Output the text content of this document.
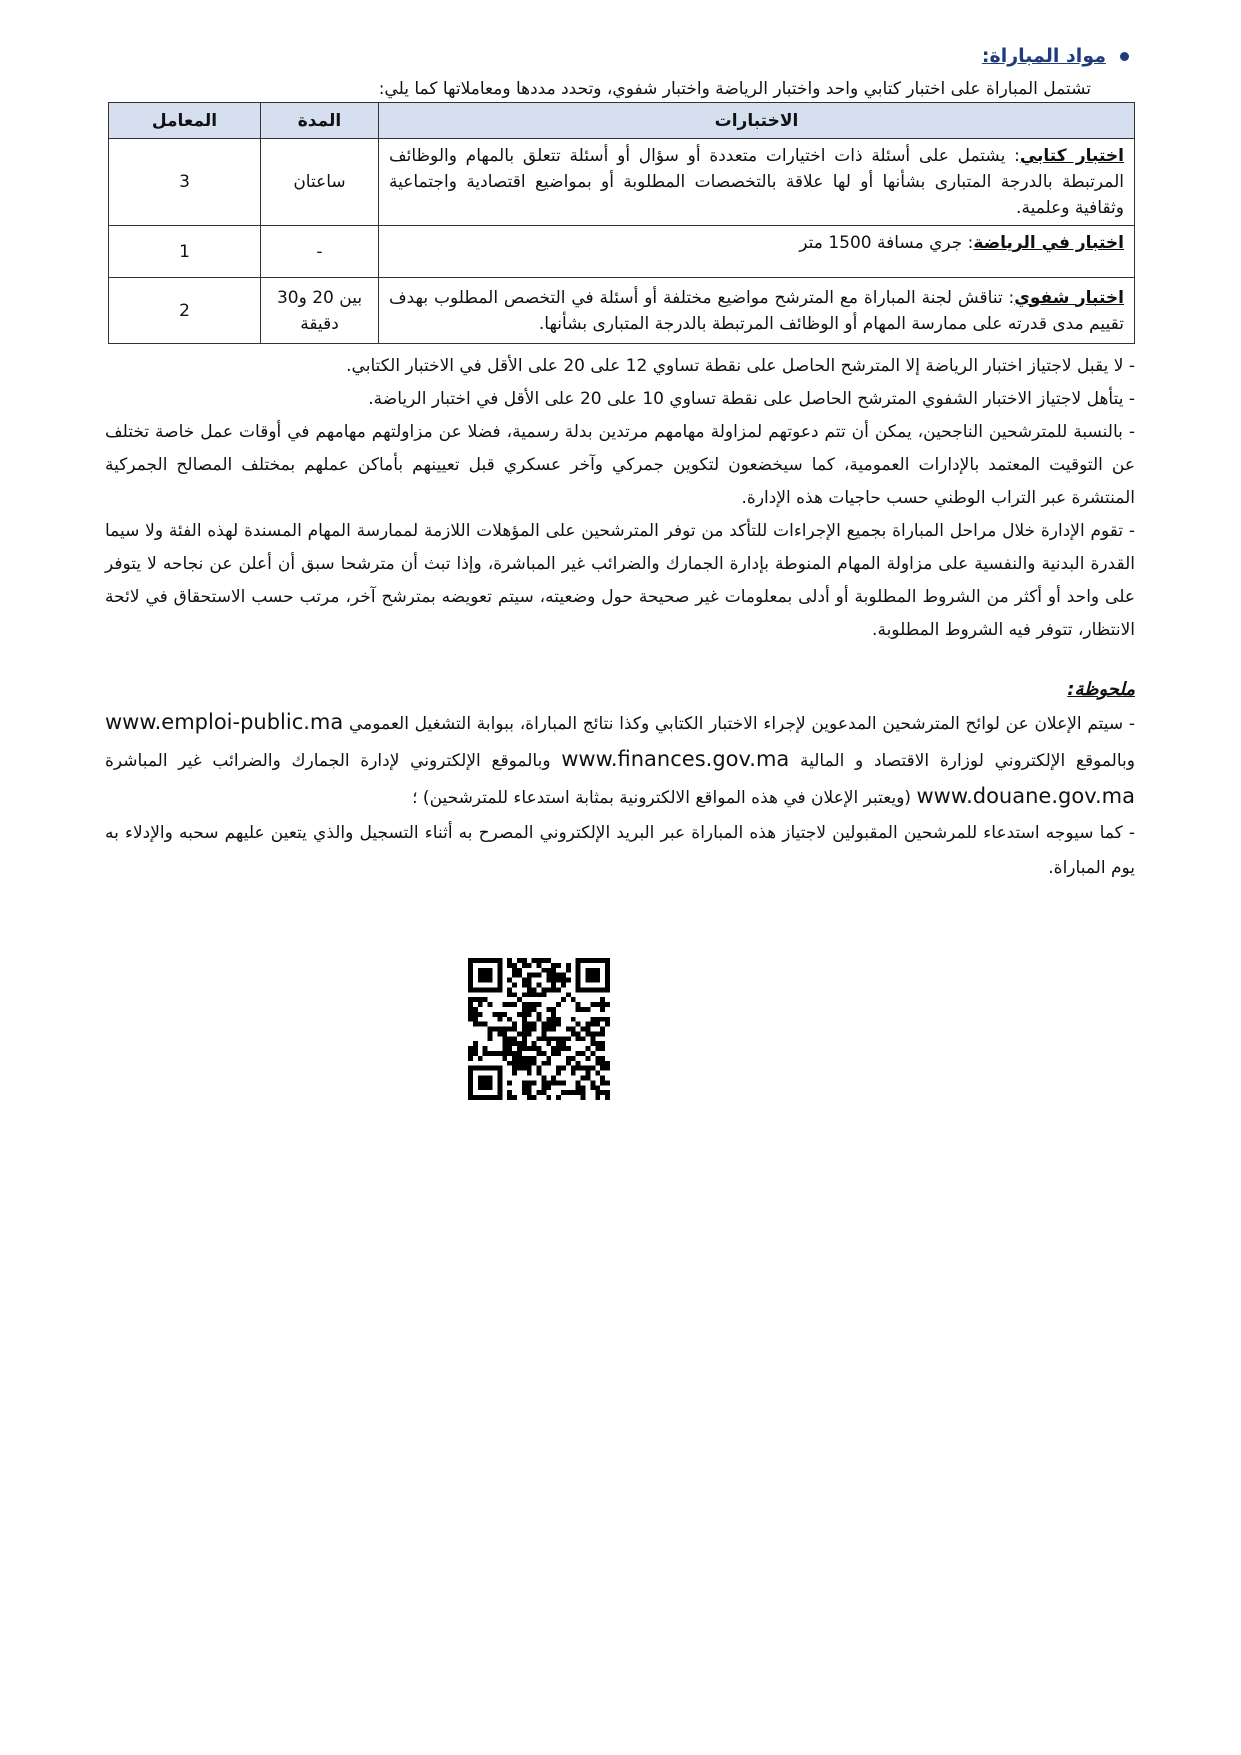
مواد المباراة:
تشتمل المباراة على اختبار كتابي واحد واختبار الرياضة واختبار شفوي، وتحدد مددها ومعاملاتها كما يلي:
الاختبارات	المدة	المعامل
اختبار كتابي: يشتمل على أسئلة ذات اختيارات متعددة أو سؤال أو أسئلة تتعلق بالمهام والوظائف المرتبطة بالدرجة المتبارى بشأنها أو لها علاقة بالتخصصات المطلوبة أو بمواضيع اقتصادية واجتماعية وثقافية وعلمية.	ساعتان	3
اختبار في الرياضة: جري مسافة 1500 متر	-	1
اختبار شفوي: تناقش لجنة المباراة مع المترشح مواضيع مختلفة أو أسئلة في التخصص المطلوب بهدف تقييم مدى قدرته على ممارسة المهام أو الوظائف المرتبطة بالدرجة المتبارى بشأنها.	بين 20 و30 دقيقة	2

- لا يقبل لاجتياز اختبار الرياضة إلا المترشح الحاصل على نقطة تساوي 12 على 20 على الأقل في الاختبار الكتابي.

- يتأهل لاجتياز الاختبار الشفوي المترشح الحاصل على نقطة تساوي 10 على 20 على الأقل في اختبار الرياضة.

- بالنسبة للمترشحين الناجحين، يمكن أن تتم دعوتهم لمزاولة مهامهم مرتدين بدلة رسمية، فضلا عن مزاولتهم مهامهم في أوقات عمل خاصة تختلف عن التوقيت المعتمد بالإدارات العمومية، كما سيخضعون لتكوين جمركي وآخر عسكري قبل تعيينهم بأماكن عملهم بمختلف المصالح الجمركية المنتشرة عبر التراب الوطني حسب حاجيات هذه الإدارة.

- تقوم الإدارة خلال مراحل المباراة بجميع الإجراءات للتأكد من توفر المترشحين على المؤهلات اللازمة لممارسة المهام المسندة لهذه الفئة ولا سيما القدرة البدنية والنفسية على مزاولة المهام المنوطة بإدارة الجمارك والضرائب غير المباشرة، وإذا تبث أن مترشحا سبق أن أعلن عن نجاحه لا يتوفر على واحد أو أكثر من الشروط المطلوبة أو أدلى بمعلومات غير صحيحة حول وضعيته، سيتم تعويضه بمترشح آخر، مرتب حسب الاستحقاق في لائحة الانتظار، تتوفر فيه الشروط المطلوبة.

ملحوظة:

- سيتم الإعلان عن لوائح المترشحين المدعوين لإجراء الاختبار الكتابي وكذا نتائج المباراة، ببوابة التشغيل العمومي www.emploi-public.ma وبالموقع الإلكتروني لوزارة الاقتصاد و المالية www.finances.gov.ma وبالموقع الإلكتروني لإدارة الجمارك والضرائب غير المباشرة www.douane.gov.ma (ويعتبر الإعلان في هذه المواقع الالكترونية بمثابة استدعاء للمترشحين) ؛

- كما سيوجه استدعاء للمرشحين المقبولين لاجتياز هذه المباراة عبر البريد الإلكتروني المصرح به أثناء التسجيل والذي يتعين عليهم سحبه والإدلاء به يوم المباراة.
